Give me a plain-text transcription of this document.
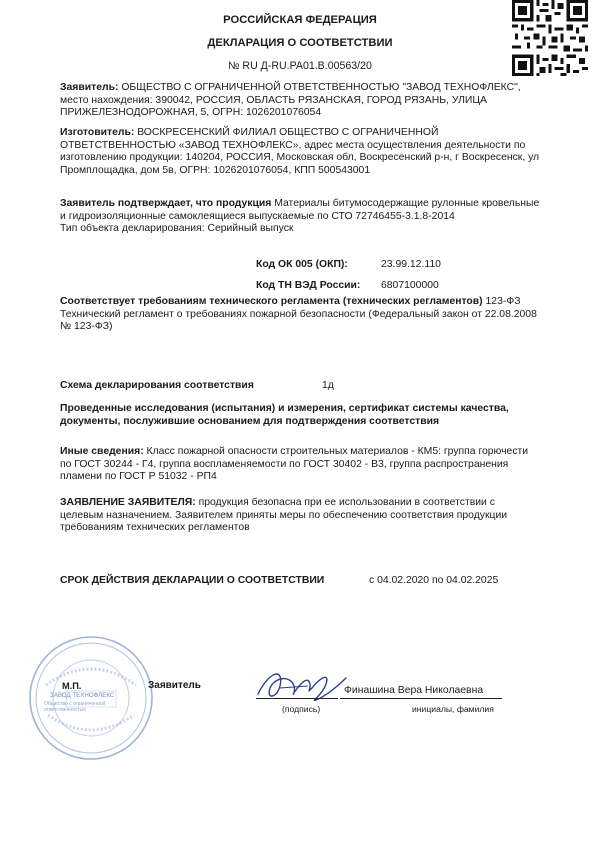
РОССИЙСКАЯ ФЕДЕРАЦИЯ
ДЕКЛАРАЦИЯ О СООТВЕТСТВИИ
№ RU Д-RU.PA01.B.00563/20
Заявитель: ОБЩЕСТВО С ОГРАНИЧЕННОЙ ОТВЕТСТВЕННОСТЬЮ "ЗАВОД ТЕХНОФЛЕКС",
место нахождения: 390042, РОССИЯ, ОБЛАСТЬ РЯЗАНСКАЯ, ГОРОД РЯЗАНЬ, УЛИЦА
ПРИЖЕЛЕЗНОДОРОЖНАЯ, 5, ОГРН: 1026201076054
Изготовитель: ВОСКРЕСЕНСКИЙ ФИЛИАЛ ОБЩЕСТВО С ОГРАНИЧЕННОЙ
ОТВЕТСТВЕННОСТЬЮ «ЗАВОД ТЕХНОФЛЕКС», адрес места осуществления деятельности по
изготовлению продукции: 140204, РОССИЯ, Московская обл, Воскресенский р-н, г Воскресенск, ул
Промплощадка, дом 5в, ОГРН: 1026201076054, КПП 500543001
Заявитель подтверждает, что продукция Материалы битумосодержащие рулонные кровельные
и гидроизоляционные самоклеящиеся выпускаемые по СТО 72746455-3.1.8-2014
Тип объекта декларирования: Серийный выпуск
Код ОК 005 (ОКП):	23.99.12.110
Код ТН ВЭД России: 6807100000
Соответствует требованиям технического регламента (технических регламентов) 123-ФЗ
Технический регламент о требованиях пожарной безопасности (Федеральный закон от 22.08.2008
№ 123-ФЗ)
Схема декларирования соответствия	1д
Проведенные исследования (испытания) и измерения, сертификат системы качества,
документы, послужившие основанием для подтверждения соответствия
Иные сведения: Класс пожарной опасности строительных материалов - КМ5: группа горючести
по ГОСТ 30244 - Г4, группа воспламеняемости по ГОСТ 30402 - В3, группа распространения
пламени по ГОСТ Р 51032 - РП4
ЗАЯВЛЕНИЕ ЗАЯВИТЕЛЯ: продукция безопасна при ее использовании в соответствии с
целевым назначением. Заявителем приняты меры по обеспечению соответствия продукции
требованиям технических регламентов
СРОК ДЕЙСТВИЯ ДЕКЛАРАЦИИ О СООТВЕТСТВИИ	с 04.02.2020 по 04.02.2025
М.П.
ЗАВОД ТЕХНОФЛЕКС
Общество с ограниченной ответственностью
Заявитель	Финашина Вера Николаевна
(подпись)	инициалы, фамилия
